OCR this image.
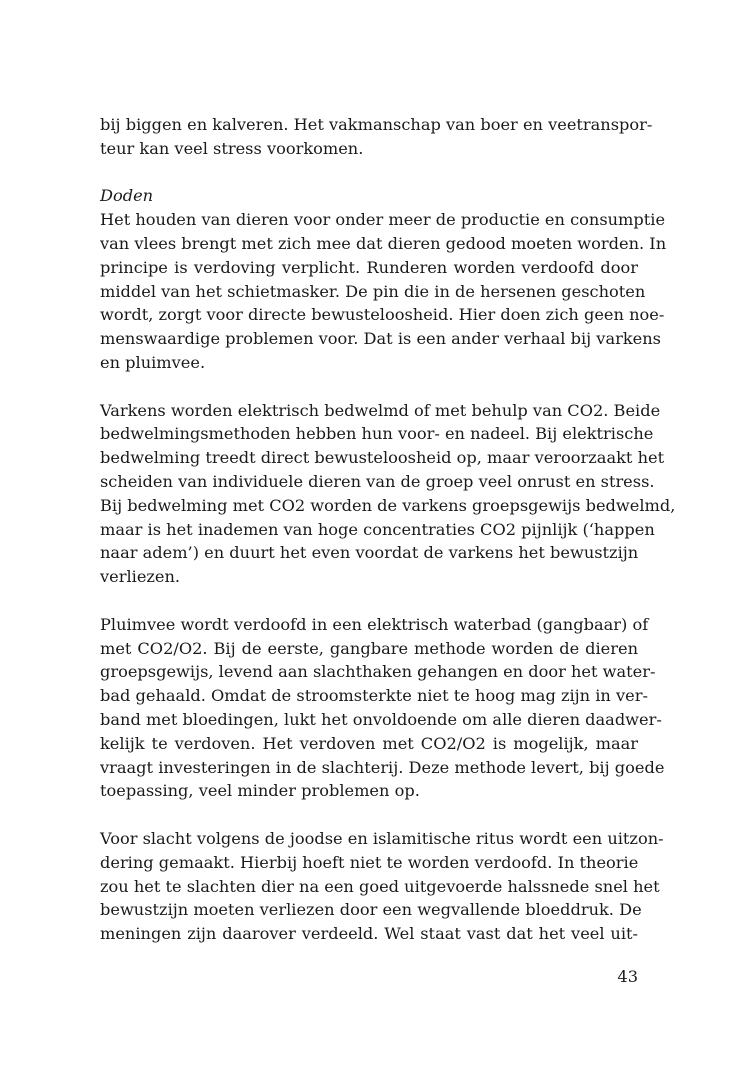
bij biggen en kalveren. Het vakmanschap van boer en veetranspor-
teur kan veel stress voorkomen.

Doden
Het houden van dieren voor onder meer de productie en consumptie
van vlees brengt met zich mee dat dieren gedood moeten worden. In
principe is verdoving verplicht. Runderen worden verdoofd door
middel van het schietmasker. De pin die in de hersenen geschoten
wordt, zorgt voor directe bewusteloosheid. Hier doen zich geen noe-
menswaardige problemen voor. Dat is een ander verhaal bij varkens
en pluimvee.

Varkens worden elektrisch bedwelmd of met behulp van CO2. Beide
bedwelmingsmethoden hebben hun voor- en nadeel. Bij elektrische
bedwelming treedt direct bewusteloosheid op, maar veroorzaakt het
scheiden van individuele dieren van de groep veel onrust en stress.
Bij bedwelming met CO2 worden de varkens groepsgewijs bedwelmd,
maar is het inademen van hoge concentraties CO2 pijnlijk (‘happen
naar adem’) en duurt het even voordat de varkens het bewustzijn
verliezen.

Pluimvee wordt verdoofd in een elektrisch waterbad (gangbaar) of
met CO2/O2. Bij de eerste, gangbare methode worden de dieren
groepsgewijs, levend aan slachthaken gehangen en door het water-
bad gehaald. Omdat de stroomsterkte niet te hoog mag zijn in ver-
band met bloedingen, lukt het onvoldoende om alle dieren daadwer-
kelijk te verdoven. Het verdoven met CO2/O2 is mogelijk, maar
vraagt investeringen in de slachterij. Deze methode levert, bij goede
toepassing, veel minder problemen op.

Voor slacht volgens de joodse en islamitische ritus wordt een uitzon-
dering gemaakt. Hierbij hoeft niet te worden verdoofd. In theorie
zou het te slachten dier na een goed uitgevoerde halssnede snel het
bewustzijn moeten verliezen door een wegvallende bloeddruk. De
meningen zijn daarover verdeeld. Wel staat vast dat het veel uit-

43
